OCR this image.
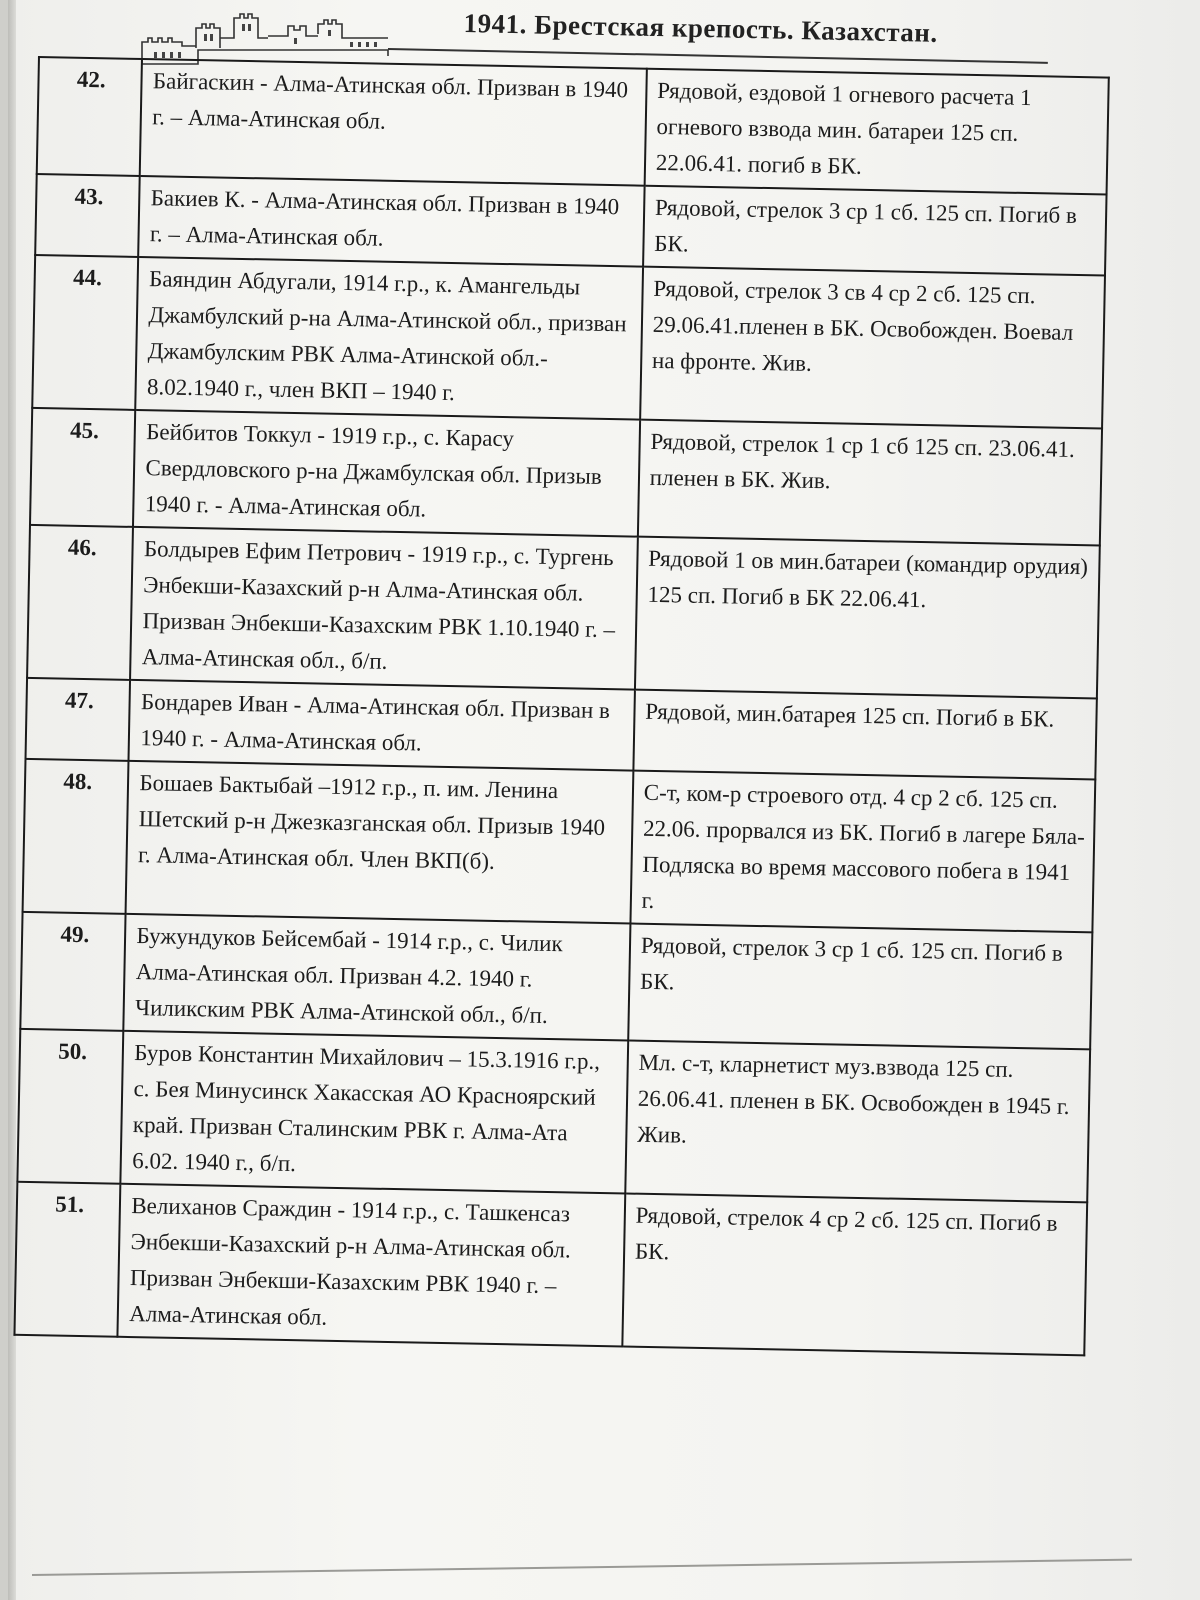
1941. Брестская крепость. Казахстан.
42.	Байгаскин - Алма-Атинская обл. Призван в 1940 г. – Алма-Атинская обл.	Рядовой, ездовой 1 огневого расчета 1 огневого взвода мин. батареи 125 сп. 22.06.41. погиб в БК.
43.	Бакиев К. - Алма-Атинская обл. Призван в 1940 г. – Алма-Атинская обл.	Рядовой, стрелок 3 ср 1 сб. 125 сп. Погиб в БК.
44.	Баяндин Абдугали, 1914 г.р., к. Амангельды Джамбулский р-на Алма-Атинской обл., призван Джамбулским РВК Алма-Атинской обл.- 8.02.1940 г., член ВКП – 1940 г.	Рядовой, стрелок 3 св 4 ср 2 сб. 125 сп. 29.06.41.пленен в БК. Освобожден. Воевал на фронте. Жив.
45.	Бейбитов Токкул - 1919 г.р., с. Карасу Свердловского р-на Джамбулская обл. Призыв 1940 г. - Алма-Атинская обл.	Рядовой, стрелок 1 ср 1 сб 125 сп. 23.06.41. пленен в БК. Жив.
46.	Болдырев Ефим Петрович - 1919 г.р., с. Тургень Энбекши-Казахский р-н Алма-Атинская обл. Призван Энбекши-Казахским РВК 1.10.1940 г. – Алма-Атинская обл., б/п.	Рядовой 1 ов мин.батареи (командир орудия) 125 сп. Погиб в БК 22.06.41.
47.	Бондарев Иван - Алма-Атинская обл. Призван в 1940 г. - Алма-Атинская обл.	Рядовой, мин.батарея 125 сп. Погиб в БК.
48.	Бошаев Бактыбай –1912 г.р., п. им. Ленина Шетский р-н Джезказганская обл. Призыв 1940 г. Алма-Атинская обл. Член ВКП(б).	С-т, ком-р строевого отд. 4 ср 2 сб. 125 сп. 22.06. прорвался из БК. Погиб в лагере Бяла-Подляска во время массового побега в 1941 г.
49.	Бужундуков Бейсембай - 1914 г.р., с. Чилик Алма-Атинская обл. Призван 4.2. 1940 г. Чиликским РВК Алма-Атинской обл., б/п.	Рядовой, стрелок 3 ср 1 сб. 125 сп. Погиб в БК.
50.	Буров Константин Михайлович – 15.3.1916 г.р., с. Бея Минусинск Хакасская АО Красноярский край. Призван Сталинским РВК г. Алма-Ата 6.02. 1940 г., б/п.	Мл. с-т, кларнетист муз.взвода 125 сп. 26.06.41. пленен в БК. Освобожден в 1945 г. Жив.
51.	Велиханов Сраждин - 1914 г.р., с. Ташкенсаз Энбекши-Казахский р-н Алма-Атинская обл. Призван Энбекши-Казахским РВК 1940 г. – Алма-Атинская обл.	Рядовой, стрелок 4 ср 2 сб. 125 сп. Погиб в БК.
